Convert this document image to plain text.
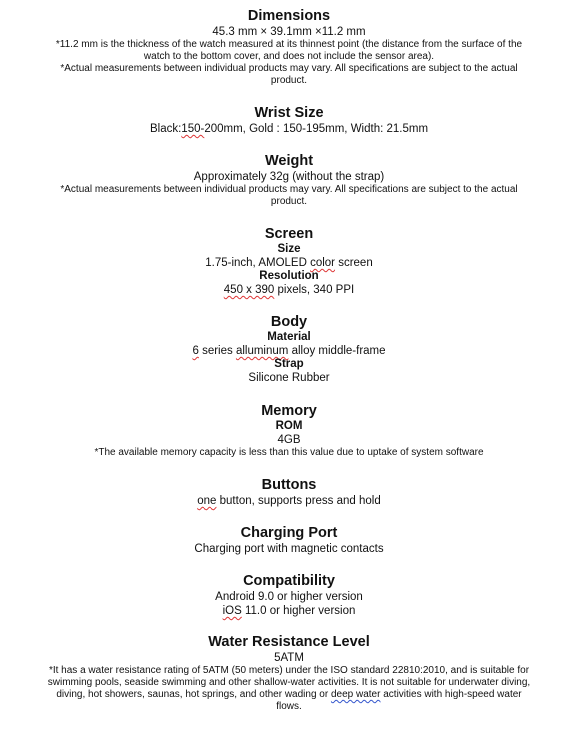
Dimensions
45.3 mm × 39.1mm ×11.2 mm
*11.2 mm is the thickness of the watch measured at its thinnest point (the distance from the surface of the watch to the bottom cover, and does not include the sensor area).
*Actual measurements between individual products may vary. All specifications are subject to the actual product.
Wrist Size
Black:150-200mm, Gold : 150-195mm, Width: 21.5mm
Weight
Approximately 32g (without the strap)
*Actual measurements between individual products may vary. All specifications are subject to the actual product.
Screen
Size
1.75-inch, AMOLED color screen
Resolution
450 x 390 pixels, 340 PPI
Body
Material
6 series alluminum alloy middle-frame
Strap
Silicone Rubber
Memory
ROM
4GB
*The available memory capacity is less than this value due to uptake of system software
Buttons
one button, supports press and hold
Charging Port
Charging port with magnetic contacts
Compatibility
Android 9.0 or higher version
iOS 11.0 or higher version
Water Resistance Level
5ATM
*It has a water resistance rating of 5ATM (50 meters) under the ISO standard 22810:2010, and is suitable for swimming pools, seaside swimming and other shallow-water activities. It is not suitable for underwater diving, diving, hot showers, saunas, hot springs, and other wading or deep water activities with high-speed water flows.
